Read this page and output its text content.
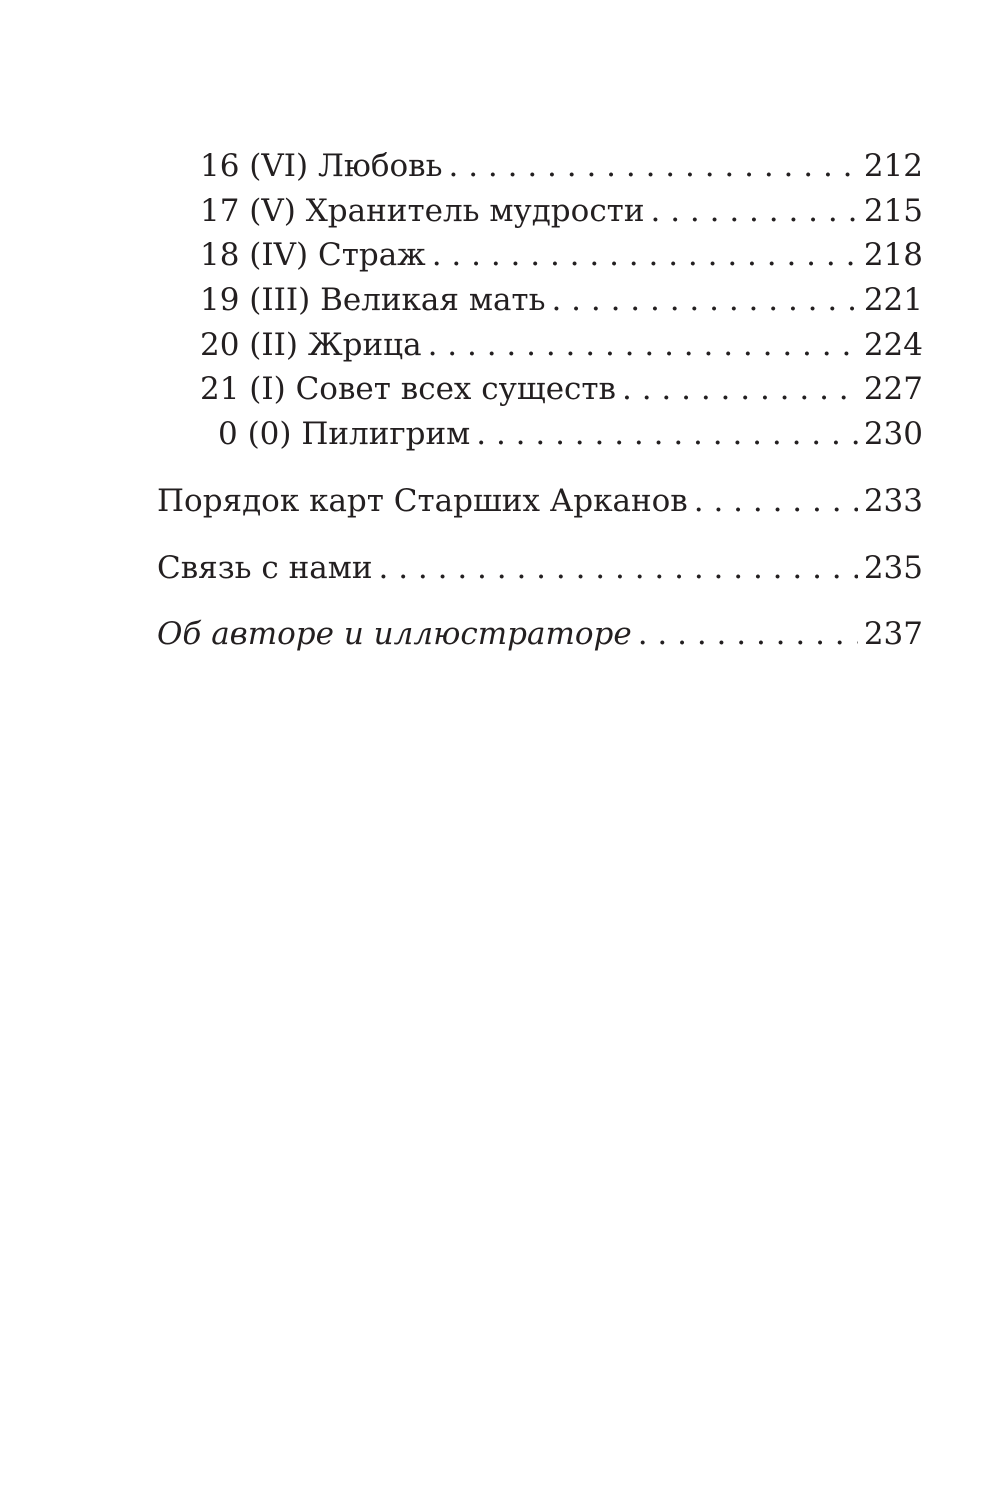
16 (VI) Любовь . . .	212
17 (V) Хранитель мудрости . . .	215
18 (IV) Страж . . .	218
19 (III) Великая мать . . .	221
20 (II) Жрица . . .	224
21 (I) Совет всех существ . . .	227
0 (0) Пилигрим . . .	230
Порядок карт Старших Арканов . . .	233
Связь с нами . . .	235
Об авторе и иллюстраторе . . .	237
